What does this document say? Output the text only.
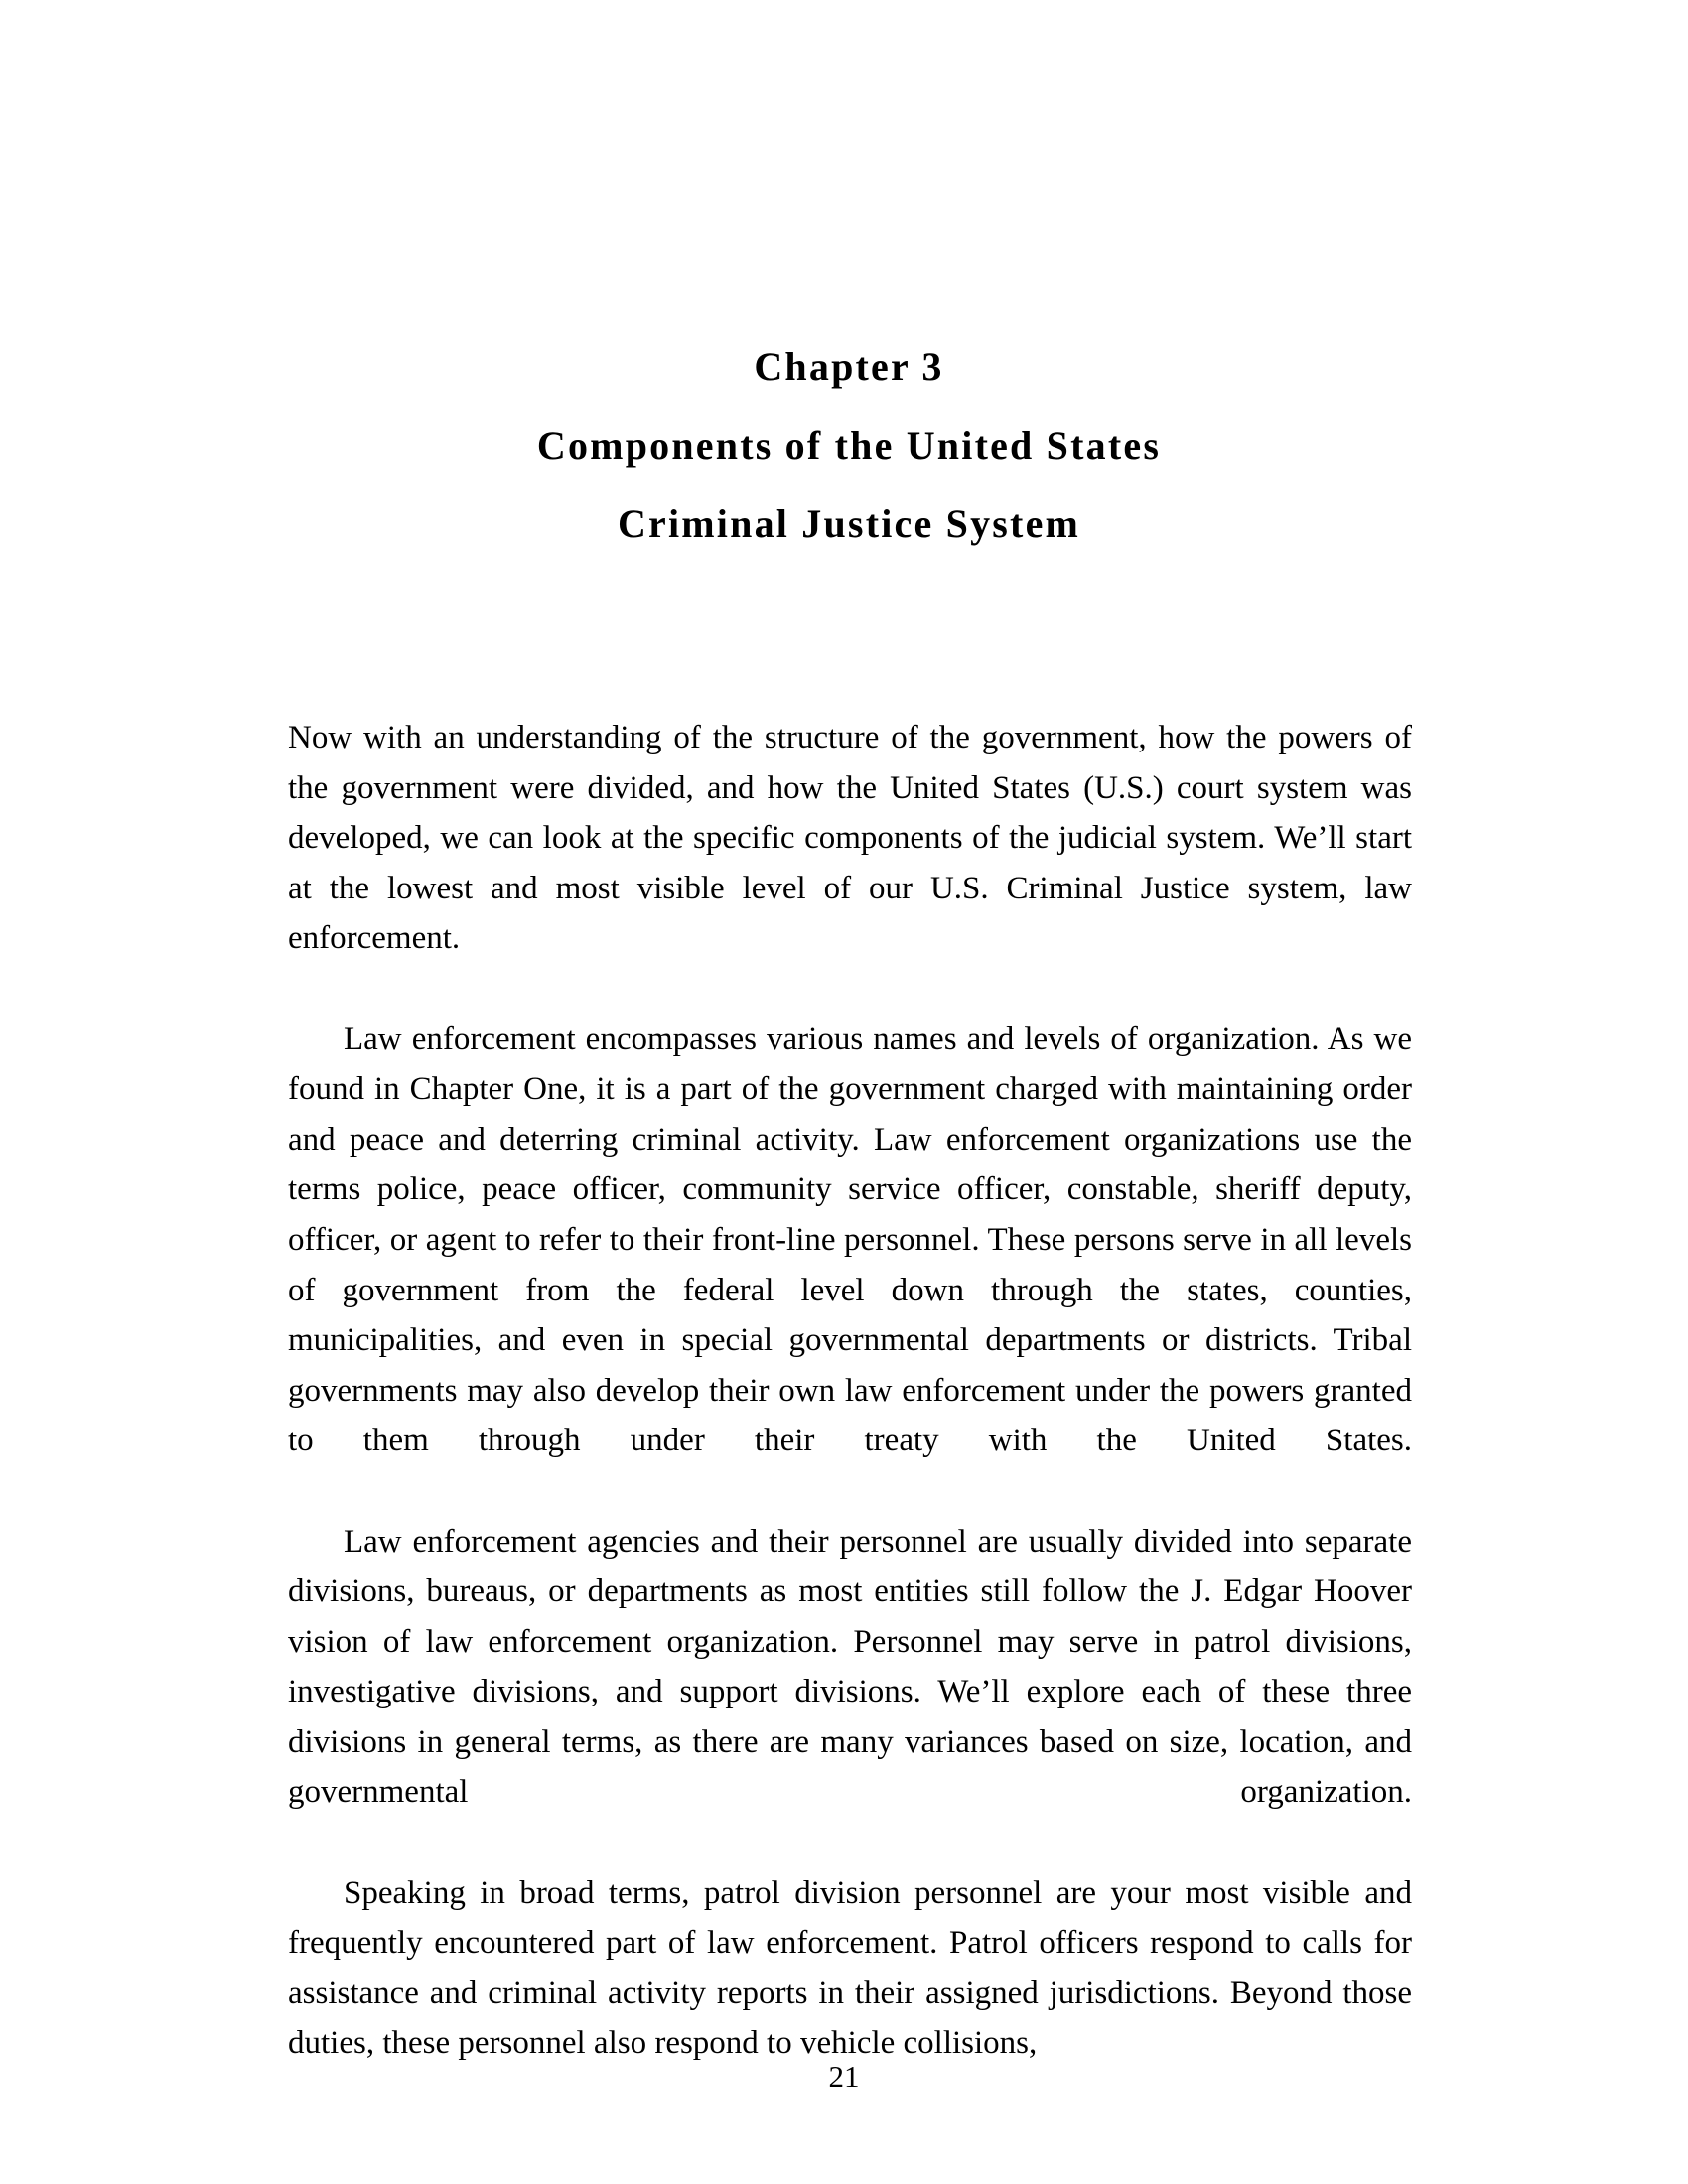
Chapter 3
Components of the United States
Criminal Justice System

Now with an understanding of the structure of the government, how the powers of the government were divided, and how the United States (U.S.) court system was developed, we can look at the specific components of the judicial system. We’ll start at the lowest and most visible level of our U.S. Criminal Justice system, law enforcement.

Law enforcement encompasses various names and levels of organization. As we found in Chapter One, it is a part of the government charged with maintaining order and peace and deterring criminal activity. Law enforcement organizations use the terms police, peace officer, community service officer, constable, sheriff deputy, officer, or agent to refer to their front-line personnel. These persons serve in all levels of government from the federal level down through the states, counties, municipalities, and even in special governmental departments or districts. Tribal governments may also develop their own law enforcement under the powers granted to them through under their treaty with the United States.

Law enforcement agencies and their personnel are usually divided into separate divisions, bureaus, or departments as most entities still follow the J. Edgar Hoover vision of law enforcement organization. Personnel may serve in patrol divisions, investigative divisions, and support divisions. We’ll explore each of these three divisions in general terms, as there are many variances based on size, location, and governmental organization.

Speaking in broad terms, patrol division personnel are your most visible and frequently encountered part of law enforcement. Patrol officers respond to calls for assistance and criminal activity reports in their assigned jurisdictions. Beyond those duties, these personnel also respond to vehicle collisions,

21
